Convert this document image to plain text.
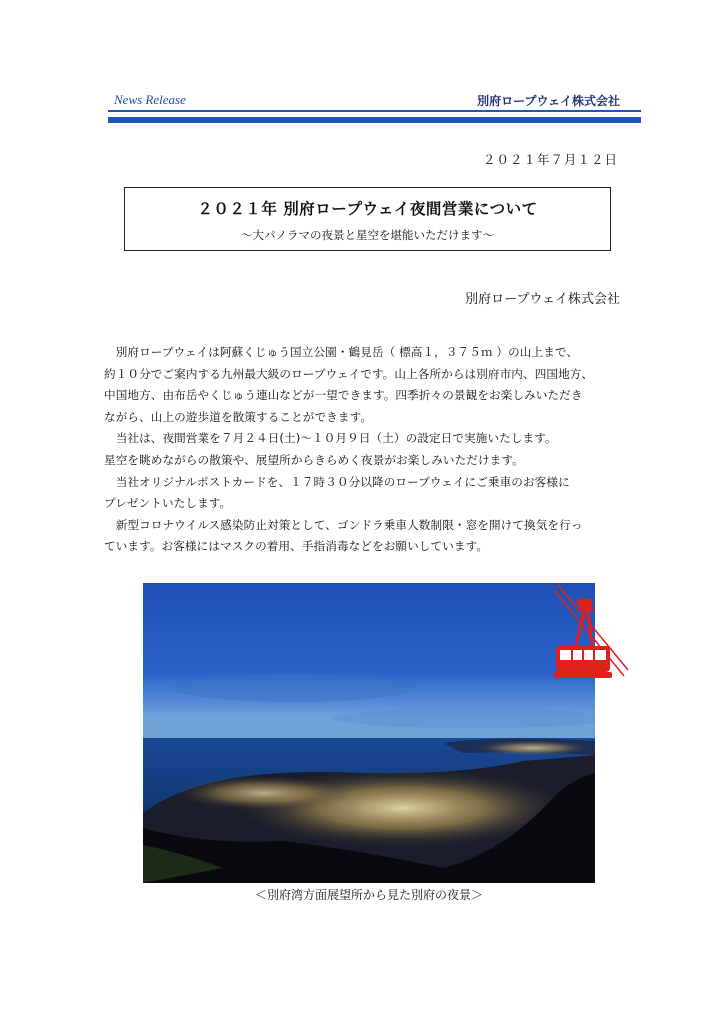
News Release	別府ロープウェイ株式会社
２０２１年７月１２日
２０２１年 別府ロープウェイ夜間営業について
～大パノラマの夜景と星空を堪能いただけます～
別府ロープウェイ株式会社
　別府ロープウェイは阿蘇くじゅう国立公園・鶴見岳（ 標高１，３７５ｍ ）の山上まで、
約１０分でご案内する九州最大級のロープウェイです。山上各所からは別府市内、四国地方、
中国地方、由布岳やくじゅう連山などが一望できます。四季折々の景観をお楽しみいただき
ながら、山上の遊歩道を散策することができます。
　当社は、夜間営業を７月２４日(土)～１０月９日（土）の設定日で実施いたします。
星空を眺めながらの散策や、展望所からきらめく夜景がお楽しみいただけます。
　当社オリジナルポストカードを、１７時３０分以降のロープウェイにご乗車のお客様に
プレゼントいたします。
　新型コロナウイルス感染防止対策として、ゴンドラ乗車人数制限・窓を開けて換気を行っ
ています。お客様にはマスクの着用、手指消毒などをお願いしています。
＜別府湾方面展望所から見た別府の夜景＞
